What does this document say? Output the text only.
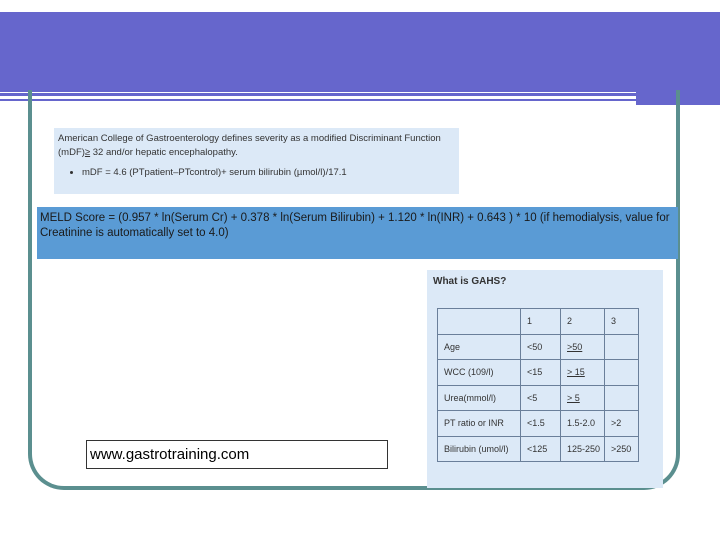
American College of Gastroenterology defines severity as a modified Discriminant Function
(mDF)≥ 32 and/or hepatic encephalopathy.
• mDF = 4.6 (PTpatient–PTcontrol)+ serum bilirubin (µmol/l)/17.1
MELD Score = (0.957 * ln(Serum Cr) + 0.378 * ln(Serum Bilirubin) + 1.120 * ln(INR) + 0.643 ) * 10 (if hemodialysis, value for Creatinine is automatically set to 4.0)
What is GAHS?
	1	2	3
Age	<50	>50	
WCC (109/l)	<15	> 15	
Urea(mmol/l)	<5	> 5	
PT ratio or INR	<1.5	1.5-2.0	>2
Bilirubin (umol/l)	<125	125-250	>250
www.gastrotraining.com
